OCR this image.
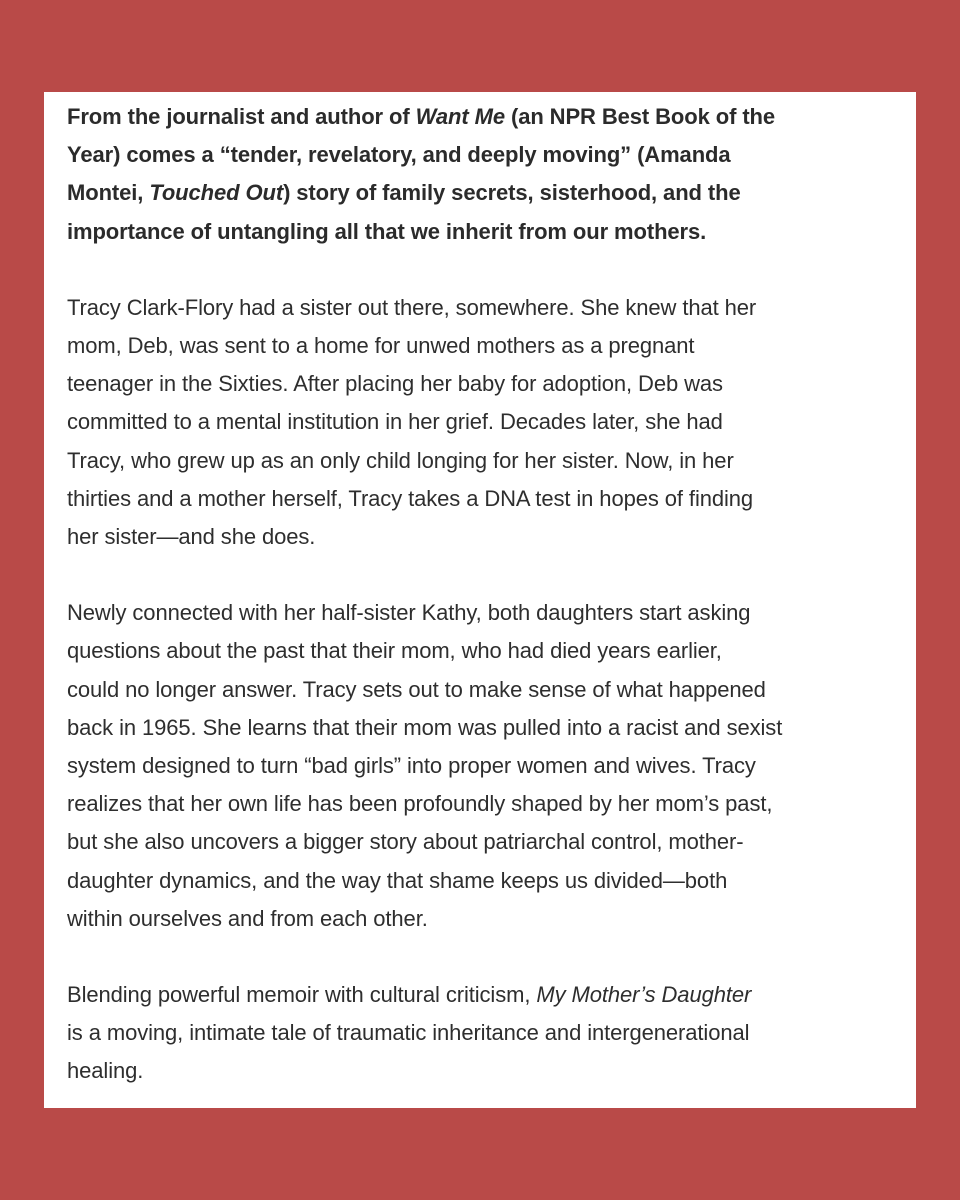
From the journalist and author of Want Me (an NPR Best Book of the
Year) comes a “tender, revelatory, and deeply moving” (Amanda
Montei, Touched Out) story of family secrets, sisterhood, and the
importance of untangling all that we inherit from our mothers.

Tracy Clark-Flory had a sister out there, somewhere. She knew that her
mom, Deb, was sent to a home for unwed mothers as a pregnant
teenager in the Sixties. After placing her baby for adoption, Deb was
committed to a mental institution in her grief. Decades later, she had
Tracy, who grew up as an only child longing for her sister. Now, in her
thirties and a mother herself, Tracy takes a DNA test in hopes of finding
her sister—and she does.

Newly connected with her half-sister Kathy, both daughters start asking
questions about the past that their mom, who had died years earlier,
could no longer answer. Tracy sets out to make sense of what happened
back in 1965. She learns that their mom was pulled into a racist and sexist
system designed to turn “bad girls” into proper women and wives. Tracy
realizes that her own life has been profoundly shaped by her mom’s past,
but she also uncovers a bigger story about patriarchal control, mother-
daughter dynamics, and the way that shame keeps us divided—both
within ourselves and from each other.

Blending powerful memoir with cultural criticism, My Mother’s Daughter
is a moving, intimate tale of traumatic inheritance and intergenerational
healing.
